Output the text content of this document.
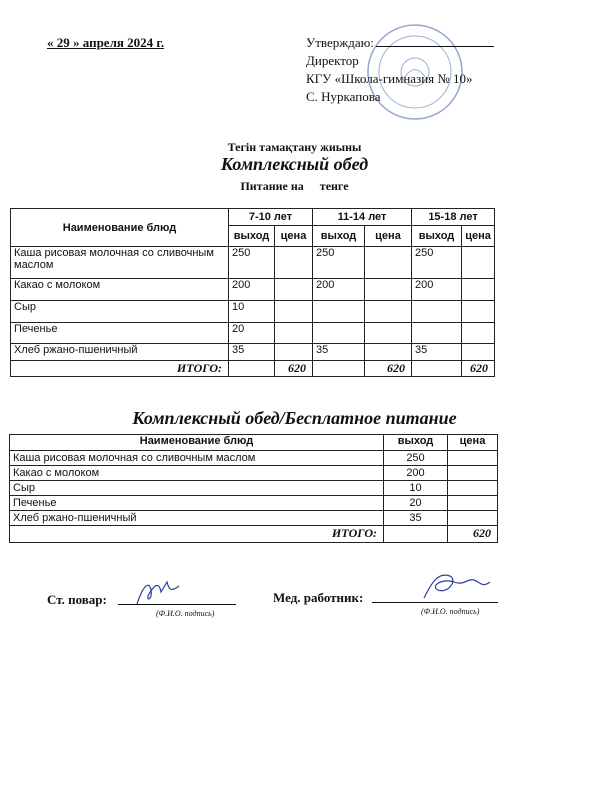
« 29 » апреля 2024 г.	Утверждаю:
Директор
КГУ «Школа-гимназия № 10»
С. Нуркапова
Тегін тамақтану жиыны
Комплексный обед
Питание на тенге
Наименование блюд	7-10 лет		11-14 лет		15-18 лет	
	выход	цена	выход	цена	выход	цена
Каша рисовая молочная со сливочным маслом	250		250		250	
Какао с молоком	200		200		200	
Сыр	10					
Печенье	20					
Хлеб ржано-пшеничный	35		35		35	
ИТОГО:		620		620		620
Комплексный обед/Бесплатное питание
Наименование блюд	выход	цена
Каша рисовая молочная со сливочным маслом	250	
Какао с молоком	200	
Сыр	10	
Печенье	20	
Хлеб ржано-пшеничный	35	
ИТОГО:		620
Ст. повар:
(Ф.И.О. подпись)
Мед. работник:
(Ф.И.О. подпись)
